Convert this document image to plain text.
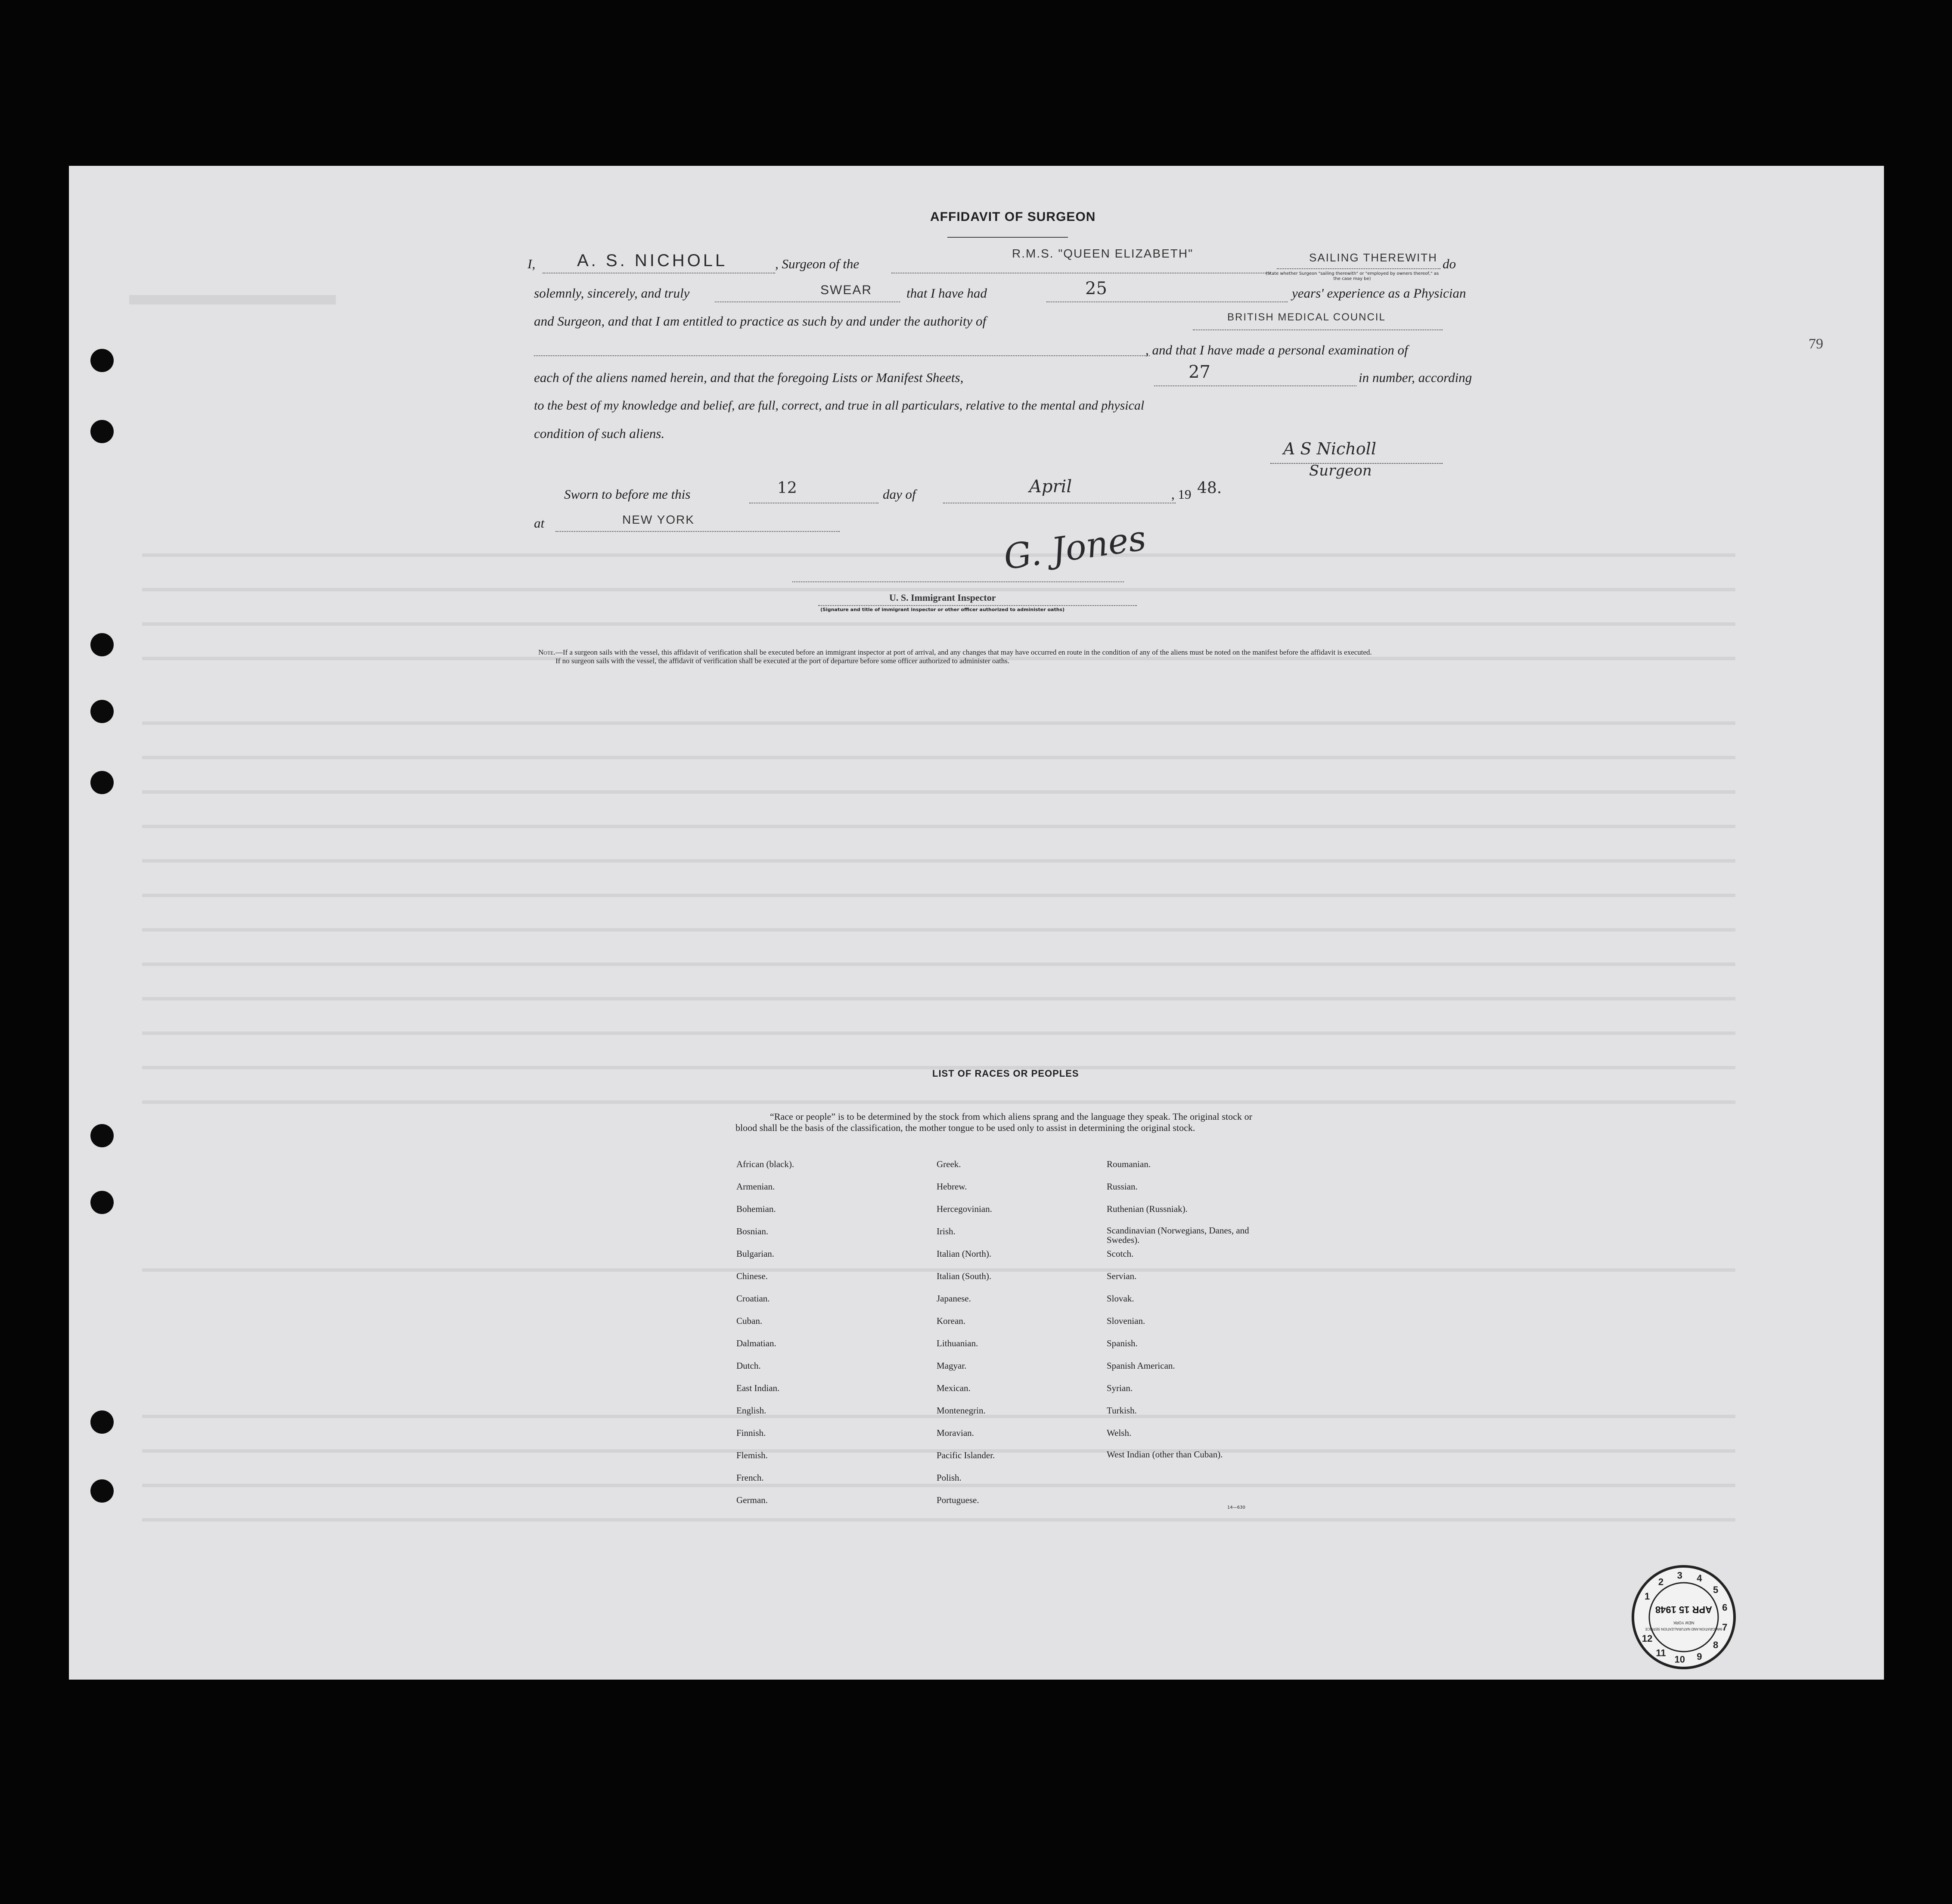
79
AFFIDAVIT OF SURGEON
I, A. S. NICHOLL	, Surgeon of the
R.M.S. "QUEEN ELIZABETH"	SAILING THEREWITH
(State whether Surgeon "sailing therewith" or "employed by owners thereof," as the case may be)
do
solemnly, sincerely, and truly	SWEAR	that I have had	25	years' experience as a Physician
and Surgeon, and that I am entitled to practice as such by and under the authority of	BRITISH MEDICAL COUNCIL
, and that I have made a personal examination of
each of the aliens named herein, and that the foregoing Lists or Manifest Sheets,	27	in number, according
to the best of my knowledge and belief, are full, correct, and true in all particulars, relative to the mental and physical
condition of such aliens.
A S Nicholl
Surgeon
Sworn to before me this	12	day of	April	, 19 48.
at	NEW YORK	G. Jones
U. S. Immigrant Inspector
(Signature and title of immigrant inspector or other officer authorized to administer oaths)
Note.—If a surgeon sails with the vessel, this affidavit of verification shall be executed before an immigrant inspector at port of arrival, and any changes that may have occurred en route in the condition of any of the aliens must be noted on the manifest before the affidavit is executed.
If no surgeon sails with the vessel, the affidavit of verification shall be executed at the port of departure before some officer authorized to administer oaths.
LIST OF RACES OR PEOPLES
“Race or people” is to be determined by the stock from which aliens sprang and the language they speak. The original stock or blood shall be the basis of the classification, the mother tongue to be used only to assist in determining the original stock.
African (black).
Armenian.
Bohemian.
Bosnian.
Bulgarian.
Chinese.
Croatian.
Cuban.
Dalmatian.
Dutch.
East Indian.
English.
Finnish.
Flemish.
French.
German.
Greek.
Hebrew.
Hercegovinian.
Irish.
Italian (North).
Italian (South).
Japanese.
Korean.
Lithuanian.
Magyar.
Mexican.
Montenegrin.
Moravian.
Pacific Islander.
Polish.
Portuguese.
Roumanian.
Russian.
Ruthenian (Russniak).
Scandinavian (Norwegians, Danes, and Swedes).
Scotch.
Servian.
Slovak.
Slovenian.
Spanish.
Spanish American.
Syrian.
Turkish.
Welsh.
West Indian (other than Cuban).
14—630
1
2
3 4
5
6
7
8
9
10
11
12
IMMIGRATION AND NATURALIZATION SERVICE
NEW YORK
APR 15 1948
